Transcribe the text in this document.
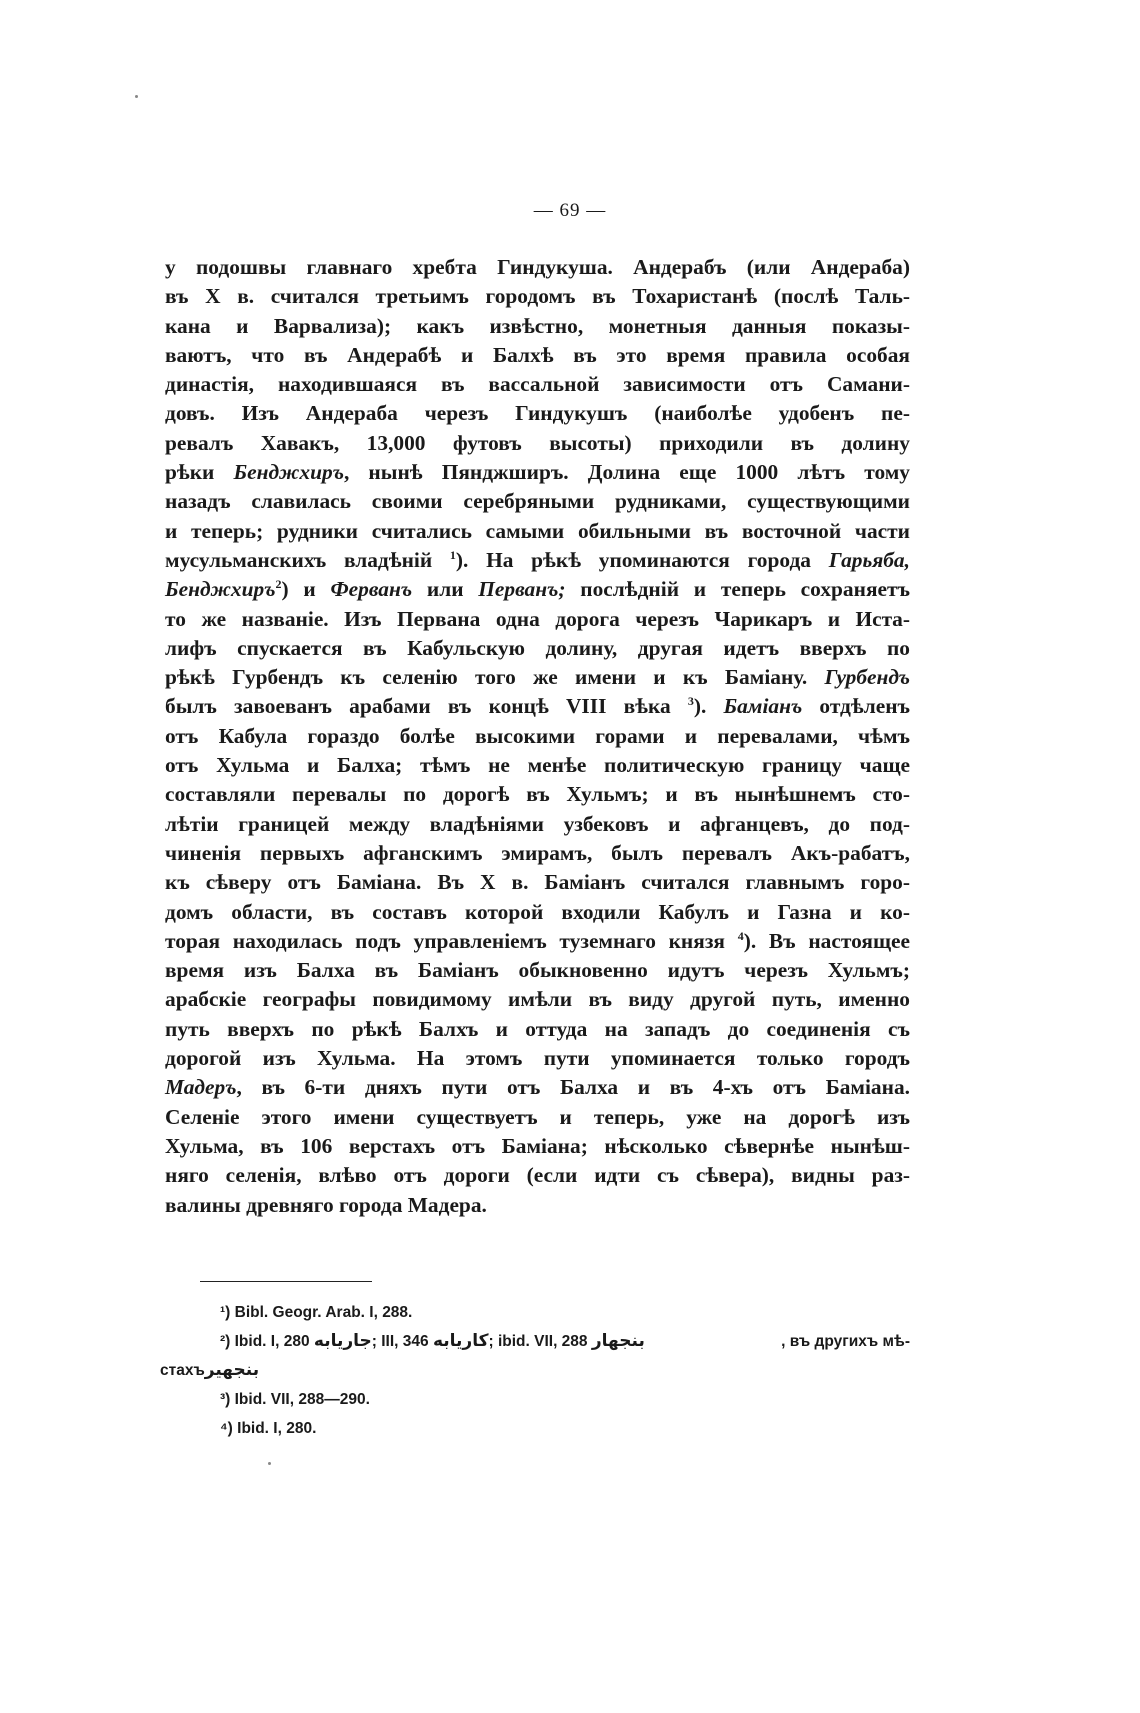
— 69 —
у подошвы главнаго хребта Гиндукуша. Андерабъ (или Андераба)
въ X в. считался третьимъ городомъ въ Тохаристанѣ (послѣ Таль-
кана и Варвализа); какъ извѣстно, монетныя данныя показы-
ваютъ, что въ Андерабѣ и Балхѣ въ это время правила особая
династія, находившаяся въ вассальной зависимости отъ Самани-
довъ. Изъ Андераба черезъ Гиндукушъ (наиболѣе удобенъ пе-
ревалъ Хавакъ, 13,000 футовъ высоты) приходили въ долину
рѣки Бенджхиръ, нынѣ Пянджширъ. Долина еще 1000 лѣтъ тому
назадъ славилась своими серебряными рудниками, существующими
и теперь; рудники считались самыми обильными въ восточной части
мусульманскихъ владѣній $^1$). На рѣкѣ упоминаются города Гарьяба,
Бенджхиръ$^2$) и Ферванъ или Перванъ; послѣдній и теперь сохраняетъ
то же названіе. Изъ Первана одна дорога черезъ Чарикаръ и Истa-
лифъ спускается въ Кабульскую долину, другая идетъ вверхъ по
рѣкѣ Гурбендъ къ селенію того же имени и къ Баміану. Гурбендъ
былъ завоеванъ арабами въ концѣ VIII вѣка $^3$). Баміанъ отдѣленъ
отъ Кабула гораздо болѣе высокими горами и перевалами, чѣмъ
отъ Хульма и Балха; тѣмъ не менѣе политическую границу чаще
составляли перевалы по дорогѣ въ Хульмъ; и въ нынѣшнемъ сто-
лѣтіи границей между владѣніями узбековъ и афганцевъ, до под-
чиненія первыхъ афганскимъ эмирамъ, былъ перевалъ Акъ-рабатъ,
къ сѣверу отъ Баміана. Въ X в. Баміанъ считался главнымъ горо-
домъ области, въ составъ которой входили Кабулъ и Газна и ко-
торая находилась подъ управленіемъ туземнаго князя $^4$). Въ настоящее
время изъ Балха въ Баміанъ обыкновенно идутъ черезъ Хульмъ;
арабскіе географы повидимому имѣли въ виду другой путь, именно
путь вверхъ по рѣкѣ Балхъ и оттуда на западъ до соединенія съ
дорогой изъ Хульма. На этомъ пути упоминается только городъ
Мадеръ, въ 6-ти дняхъ пути отъ Балха и въ 4-хъ отъ Баміана.
Селеніе этого имени существуетъ и теперь, уже на дорогѣ изъ
Хульма, въ 106 верстахъ отъ Баміана; нѣсколько сѣвернѣе нынѣш-
няго селенія, влѣво отъ дороги (если идти съ сѣвера), видны раз-
валины древняго города Мадера.
¹) Bibl. Geogr. Arab. I, 288.
²) Ibid. I, 280 جاريابه; III, 346 كاريابه; ibid. VII, 288 بنجهار	, въ другихъ мѣ-
стахъبنجهير
³) Ibid. VII, 288—290.
⁴) Ibid. I, 280.
